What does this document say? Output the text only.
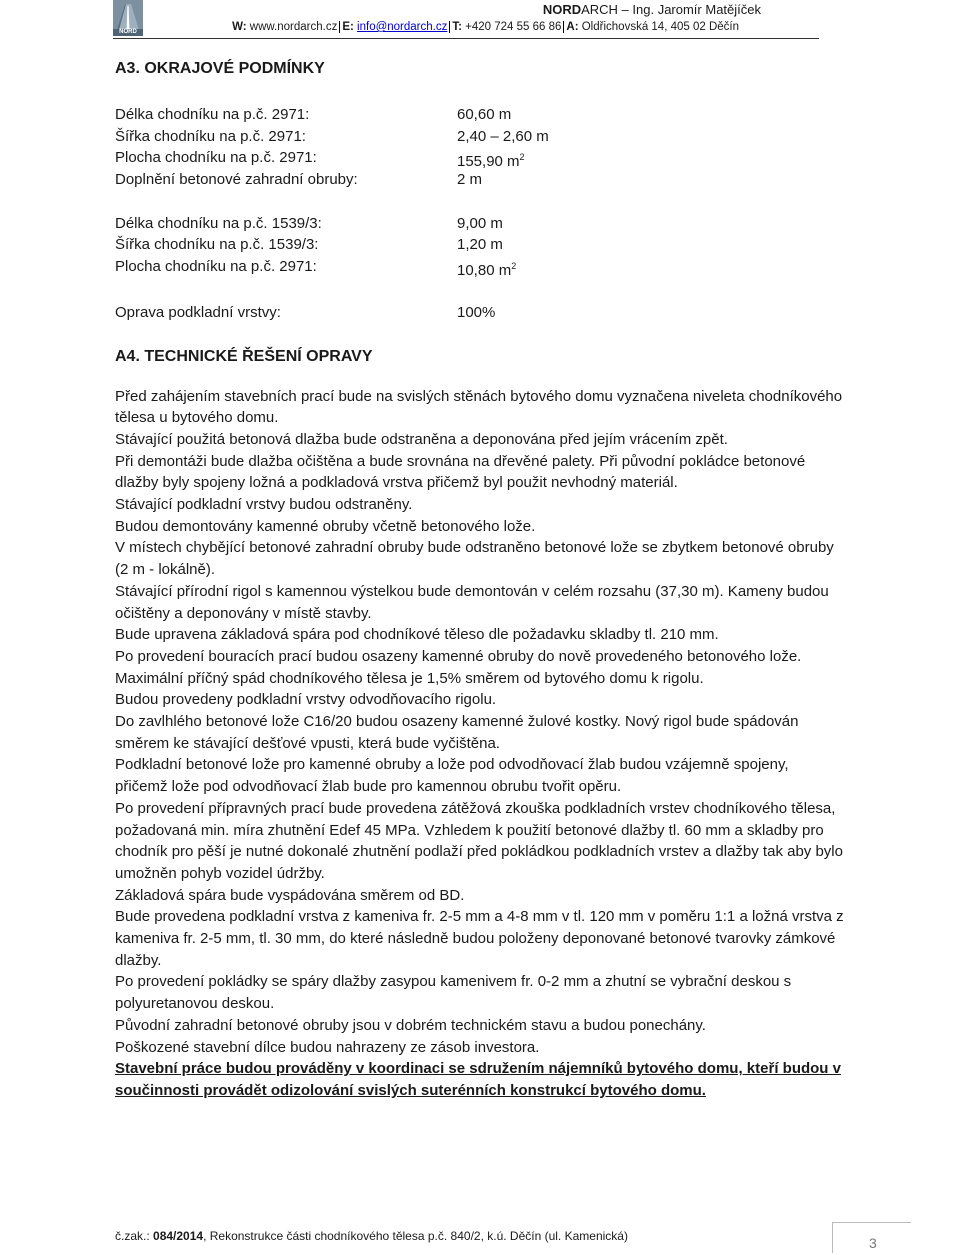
NORD
NORDARCH – Ing. Jaromír Matějíček
W: www.nordarch.cz E: info@nordarch.cz T: +420 724 55 66 86 A: Oldřichovská 14, 405 02 Děčín
A3. OKRAJOVÉ PODMÍNKY
Délka chodníku na p.č. 2971:	60,60 m
Šířka chodníku na p.č. 2971:	2,40 – 2,60 m
Plocha chodníku na p.č. 2971:	155,90 $m^2$
Doplnění betonové zahradní obruby:	2 m
Délka chodníku na p.č. 1539/3:	9,00 m
Šířka chodníku na p.č. 1539/3:	1,20 m
Plocha chodníku na p.č. 2971:	10,80 $m^2$
Oprava podkladní vrstvy:	100%
A4. TECHNICKÉ ŘEŠENÍ OPRAVY

Před zahájením stavebních prací bude na svislých stěnách bytového domu vyznačena niveleta chodníkového tělesa u bytového domu.

Stávající použitá betonová dlažba bude odstraněna a deponována před jejím vrácením zpět.

Při demontáži bude dlažba očištěna a bude srovnána na dřevěné palety. Při původní pokládce betonové dlažby byly spojeny ložná a podkladová vrstva přičemž byl použit nevhodný materiál.

Stávající podkladní vrstvy budou odstraněny.

Budou demontovány kamenné obruby včetně betonového lože.

V místech chybějící betonové zahradní obruby bude odstraněno betonové lože se zbytkem betonové obruby (2 m - lokálně).

Stávající přírodní rigol s kamennou výstelkou bude demontován v celém rozsahu (37,30 m). Kameny budou očištěny a deponovány v místě stavby.

Bude upravena základová spára pod chodníkové těleso dle požadavku skladby tl. 210 mm.

Po provedení bouracích prací budou osazeny kamenné obruby do nově provedeného betonového lože. Maximální příčný spád chodníkového tělesa je 1,5% směrem od bytového domu k rigolu.

Budou provedeny podkladní vrstvy odvodňovacího rigolu.

Do zavlhlého betonové lože C16/20 budou osazeny kamenné žulové kostky. Nový rigol bude spádován směrem ke stávající dešťové vpusti, která bude vyčištěna.

Podkladní betonové lože pro kamenné obruby a lože pod odvodňovací žlab budou vzájemně spojeny, přičemž lože pod odvodňovací žlab bude pro kamennou obrubu tvořit opěru.

Po provedení přípravných prací bude provedena zátěžová zkouška podkladních vrstev chodníkového tělesa, požadovaná min. míra zhutnění Edef 45 MPa. Vzhledem k použití betonové dlažby tl. 60 mm a skladby pro chodník pro pěší je nutné dokonalé zhutnění podlaží před pokládkou podkladních vrstev a dlažby tak aby bylo umožněn pohyb vozidel údržby.

Základová spára bude vyspádována směrem od BD.

Bude provedena podkladní vrstva z kameniva fr. 2-5 mm a 4-8 mm v tl. 120 mm v poměru 1:1 a ložná vrstva z kameniva fr. 2-5 mm, tl. 30 mm, do které následně budou položeny deponované betonové tvarovky zámkové dlažby.

Po provedení pokládky se spáry dlažby zasypou kamenivem fr. 0-2 mm a zhutní se vybrační deskou s polyuretanovou deskou.

Původní zahradní betonové obruby jsou v dobrém technickém stavu a budou ponechány.

Poškozené stavební dílce budou nahrazeny ze zásob investora.

Stavební práce budou prováděny v koordinaci se sdružením nájemníků bytového domu, kteří budou v součinnosti provádět odizolování svislých suterénních konstrukcí bytového domu.

č.zak.: 084/2014, Rekonstrukce části chodníkového tělesa p.č. 840/2, k.ú. Děčín (ul. Kamenická)	3
